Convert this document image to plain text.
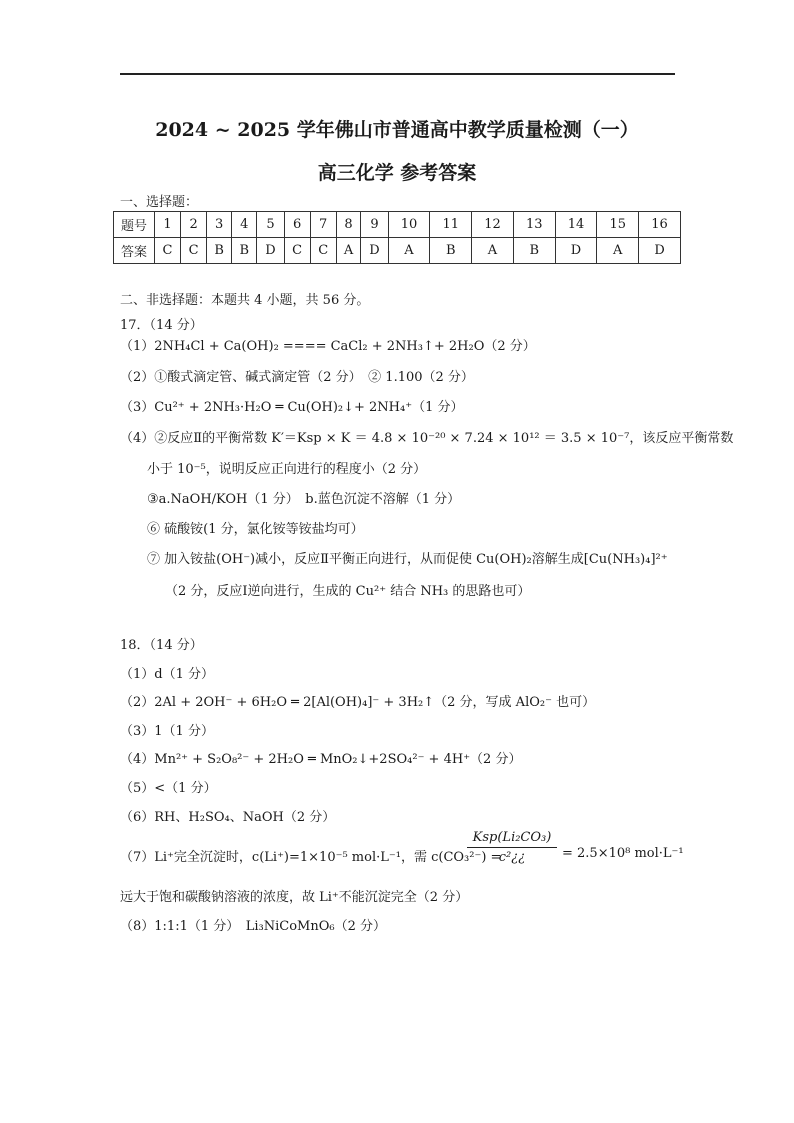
2024 ~ 2025 学年佛山市普通高中教学质量检测（一）
高三化学 参考答案
一、选择题：
题号	1	2	3	4	5	6	7	8	9	10	11	12	13	14	15	16
答案	C	C	B	B	D	C	C	A	D	A	B	A	B	D	A	D
二、非选择题：本题共 4 小题，共 56 分。
17．（14 分）
（1）2NH₄Cl + Ca(OH)₂ ==== CaCl₂ + 2NH₃↑+ 2H₂O（2 分）
（2）①酸式滴定管、碱式滴定管（2 分）　② 1.100（2 分）
（3）Cu²⁺ + 2NH₃·H₂O ═ Cu(OH)₂↓+ 2NH₄⁺（1 分）
（4）②反应Ⅱ的平衡常数 K′＝Ksp × K ＝ 4.8 × 10⁻²⁰ × 7.24 × 10¹² ＝ 3.5 × 10⁻⁷，该反应平衡常数
小于 10⁻⁵，说明反应正向进行的程度小（2 分）
③a.NaOH/KOH（1 分）　b.蓝色沉淀不溶解（1 分）
⑥ 硫酸铵(1 分，氯化铵等铵盐均可）
⑦ 加入铵盐(OH⁻)减小，反应Ⅱ平衡正向进行，从而促使 Cu(OH)₂溶解生成[Cu(NH₃)₄]²⁺
（2 分，反应Ⅰ逆向进行，生成的 Cu²⁺ 结合 NH₃ 的思路也可）
18．（14 分）
（1）d（1 分）
（2）2Al + 2OH⁻ + 6H₂O ═ 2[Al(OH)₄]⁻ + 3H₂↑（2 分，写成 AlO₂⁻ 也可）
（3）1（1 分）
（4）Mn²⁺ + S₂O₈²⁻ + 2H₂O ═ MnO₂↓+2SO₄²⁻ + 4H⁺（2 分）
（5）<（1 分）
（6）RH、H₂SO₄、NaOH（2 分）
（7）Li⁺完全沉淀时，c(Li⁺)=1×10⁻⁵ mol·L⁻¹，需 c(CO₃²⁻) =
Ksp(Li₂CO₃)
c²¿¿	= 2.5×10⁸ mol·L⁻¹
远大于饱和碳酸钠溶液的浓度，故 Li⁺不能沉淀完全（2 分）
（8）1:1:1（1 分）　Li₃NiCoMnO₆（2 分）
